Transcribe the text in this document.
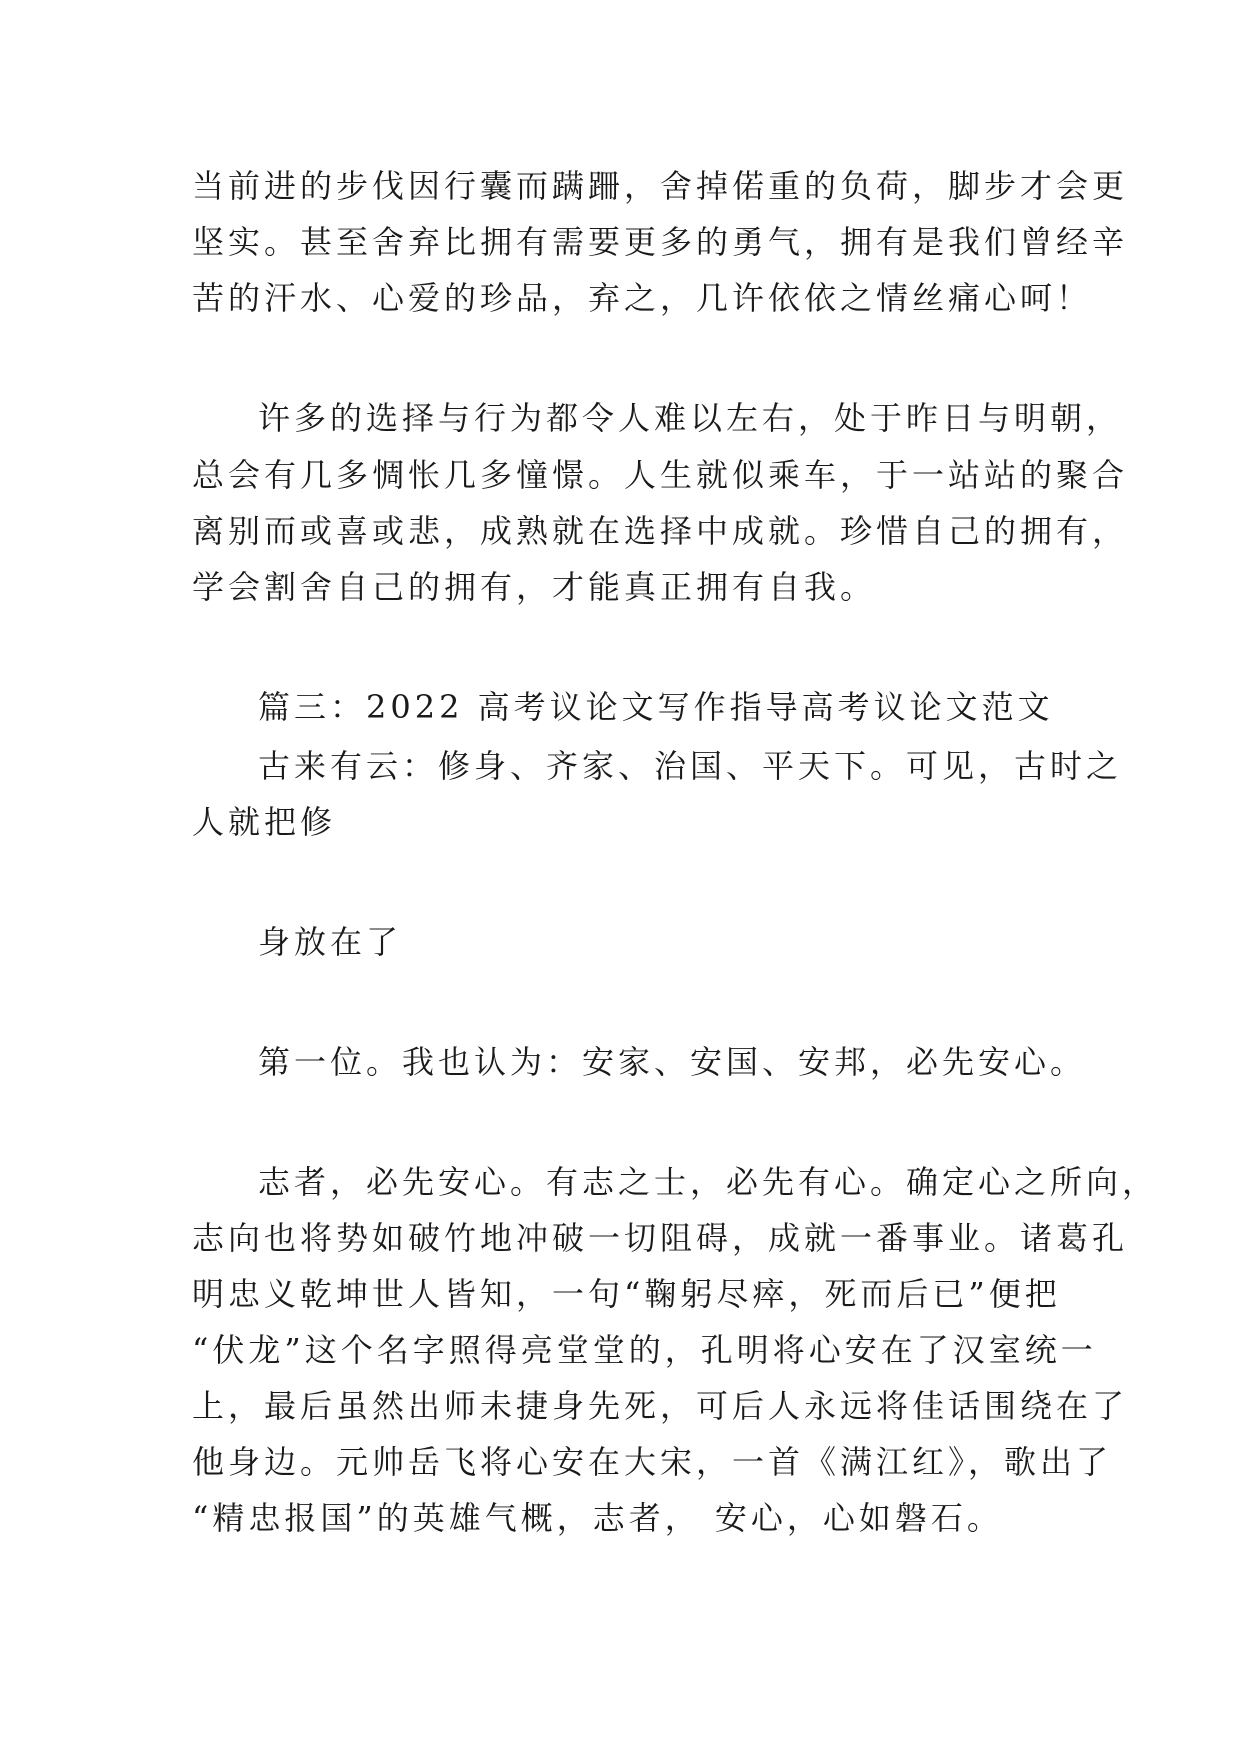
当前进的步伐因行囊而蹒跚，舍掉偌重的负荷，脚步才会更
坚实。甚至舍弃比拥有需要更多的勇气，拥有是我们曾经辛
苦的汗水、心爱的珍品，弃之，几许依依之情丝痛心呵！
许多的选择与行为都令人难以左右，处于昨日与明朝，
总会有几多惆怅几多憧憬。人生就似乘车，于一站站的聚合
离别而或喜或悲，成熟就在选择中成就。珍惜自己的拥有，
学会割舍自己的拥有，才能真正拥有自我。
篇三：2022 高考议论文写作指导高考议论文范文
古来有云：修身、齐家、治国、平天下。可见，古时之
人就把修
身放在了
第一位。我也认为：安家、安国、安邦，必先安心。
志者，必先安心。有志之士，必先有心。确定心之所向，
志向也将势如破竹地冲破一切阻碍，成就一番事业。诸葛孔
明忠义乾坤世人皆知，一句“鞠躬尽瘁，死而后已”便把
“伏龙”这个名字照得亮堂堂的，孔明将心安在了汉室统一
上，最后虽然出师未捷身先死，可后人永远将佳话围绕在了
他身边。元帅岳飞将心安在大宋，一首《满江红》，歌出了
“精忠报国”的英雄气概，志者， 安心，心如磐石。
